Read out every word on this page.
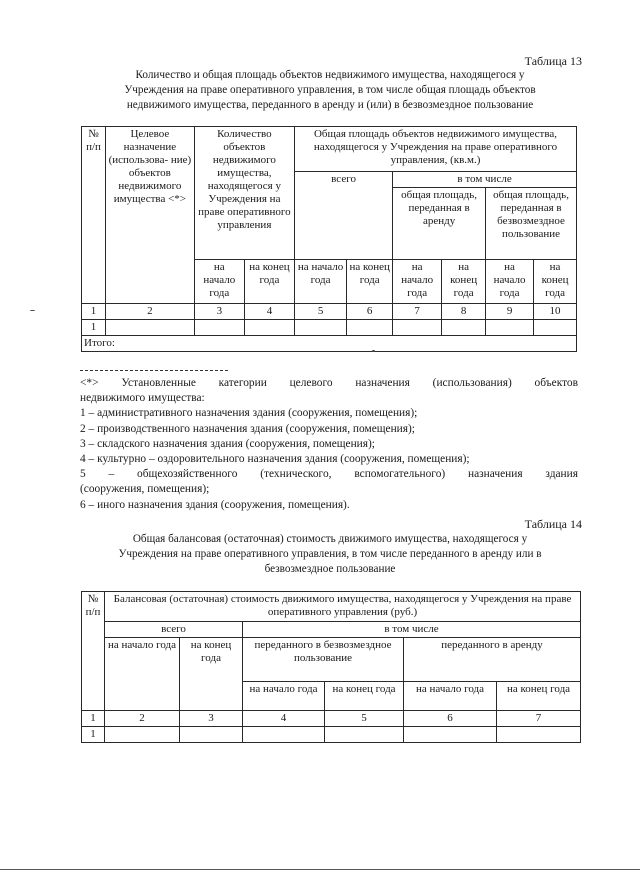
Таблица 13
Количество и общая площадь объектов недвижимого имущества, находящегося у
Учреждения на праве оперативного управления, в том числе общая площадь объектов
недвижимого имущества, переданного в аренду и (или) в безвозмездное пользование
№ п/п	Целевое назначение (использова- ние) объектов недвижимого имущества <*>	Количество объектов недвижимого имущества, находящегося у Учреждения на праве оперативного управления		Общая площадь объектов недвижимого имущества, находящегося у Учреждения на праве оперативного управления, (кв.м.)					
				всего		в том числе			
						общая площадь, переданная в аренду		общая площадь, переданная в безвозмездное пользование	
		на начало года	на конец года	на начало года	на конец года	на начало года	на конец года	на начало года	на конец года
1	2	3	4	5	6	7	8	9	10
1									
Итого:									
<*> Установленные категории целевого назначения (использования) объектов
недвижимого имущества:
1 – административного назначения здания (сооружения, помещения);
2 – производственного назначения здания (сооружения, помещения);
3 – складского назначения здания (сооружения, помещения);
4 – культурно – оздоровительного назначения здания (сооружения, помещения);
5 – общехозяйственного (технического, вспомогательного) назначения здания
(сооружения, помещения);
6 – иного назначения здания (сооружения, помещения).
Таблица 14
Общая балансовая (остаточная) стоимость движимого имущества, находящегося у
Учреждения на праве оперативного управления, в том числе переданного в аренду или в
безвозмездное пользование
№ п/п	Балансовая (остаточная) стоимость движимого имущества, находящегося у Учреждения на праве оперативного управления (руб.)					
	всего		в том числе			
	на начало года	на конец года	переданного в безвозмездное пользование		переданного в аренду	
			на начало года	на конец года	на начало года	на конец года
1	2	3	4	5	6	7
1						
